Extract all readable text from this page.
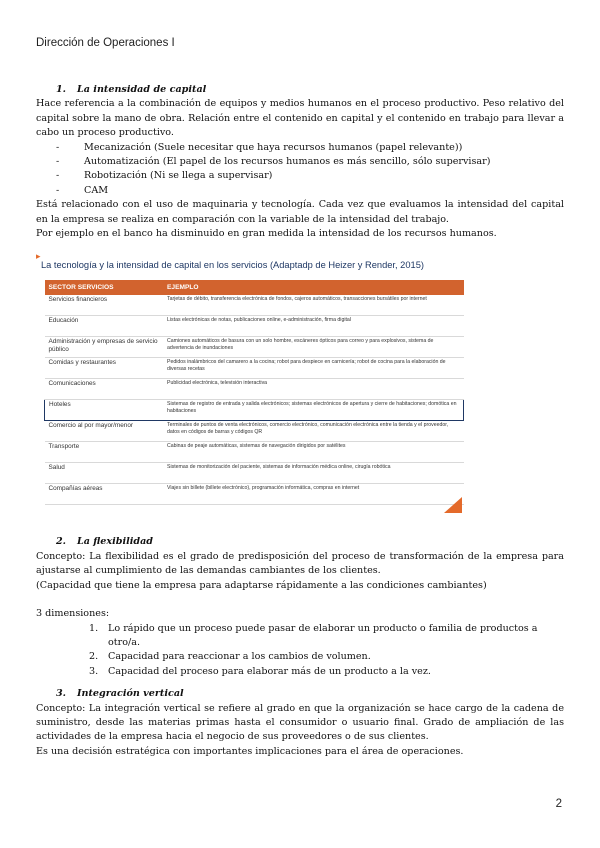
Dirección de Operaciones I
1. La intensidad de capital

Hace referencia a la combinación de equipos y medios humanos en el proceso productivo. Peso relativo del capital sobre la mano de obra. Relación entre el contenido en capital y el contenido en trabajo para llevar a cabo un proceso productivo.

- Mecanización (Suele necesitar que haya recursos humanos (papel relevante))
- Automatización (El papel de los recursos humanos es más sencillo, sólo supervisar)
- Robotización (Ni se llega a supervisar)
- CAM

Está relacionado con el uso de maquinaria y tecnología. Cada vez que evaluamos la intensidad del capital en la empresa se realiza en comparación con la variable de la intensidad del trabajo.

Por ejemplo en el banco ha disminuido en gran medida la intensidad de los recursos humanos.

▸
La tecnología y la intensidad de capital en los servicios (Adaptadp de Heizer y Render, 2015)
SECTOR SERVICIOS	EJEMPLO
Servicios financieros	Tarjetas de débito, transferencia electrónica de fondos, cajeros automáticos, transacciones bursátiles por internet
Educación	Listas electrónicas de notas, publicaciones online, e-administración, firma digital
Administración y empresas de servicio público	Camiones automáticos de basura con un solo hombre, escáneres ópticos para correo y para explosivos, sistema de advertencia de inundaciones
Comidas y restaurantes	Pedidos inalámbricos del camarero a la cocina; robot para despiece en carnicería; robot de cocina para la elaboración de diversas recetas
Comunicaciones	Publicidad electrónica, televisión interactiva
Hoteles	Sistemas de registro de entrada y salida electrónicos; sistemas electrónicos de apertura y cierre de habitaciones; domótica en habitaciones
Comercio al por mayor/menor	Terminales de puntos de venta electrónicos, comercio electrónico, comunicación electrónica entre la tienda y el proveedor, datos en códigos de barras y códigos QR
Transporte	Cabinas de peaje automáticas, sistemas de navegación dirigidos por satélites
Salud	Sistemas de monitorización del paciente, sistemas de información médica online, cirugía robótica
Compañías aéreas	Viajes sin billete (billete electrónico), programación informática, compras en internet
2. La flexibilidad

Concepto: La flexibilidad es el grado de predisposición del proceso de transformación de la empresa para ajustarse al cumplimiento de las demandas cambiantes de los clientes.

(Capacidad que tiene la empresa para adaptarse rápidamente a las condiciones cambiantes)

3 dimensiones:

1. Lo rápido que un proceso puede pasar de elaborar un producto o familia de productos a otro/a.
2. Capacidad para reaccionar a los cambios de volumen.
3. Capacidad del proceso para elaborar más de un producto a la vez.
3. Integración vertical

Concepto: La integración vertical se refiere al grado en que la organización se hace cargo de la cadena de suministro, desde las materias primas hasta el consumidor o usuario final. Grado de ampliación de las actividades de la empresa hacia el negocio de sus proveedores o de sus clientes.

Es una decisión estratégica con importantes implicaciones para el área de operaciones.

2
